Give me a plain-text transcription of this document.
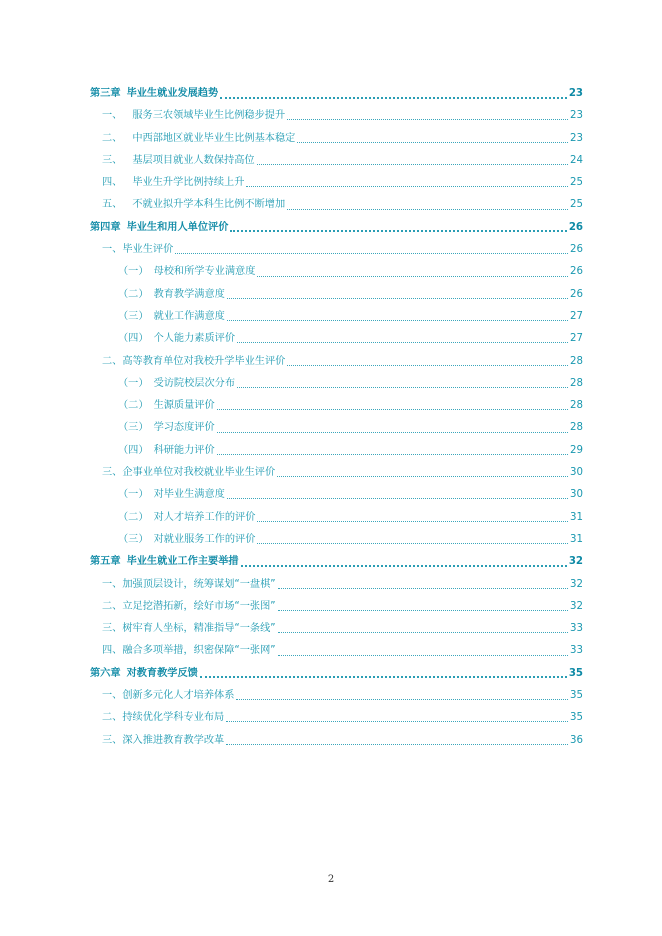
第三章 毕业生就业发展趋势	23
一、 服务三农领域毕业生比例稳步提升	23
二、 中西部地区就业毕业生比例基本稳定	23
三、 基层项目就业人数保持高位	24
四、 毕业生升学比例持续上升	25
五、 不就业拟升学本科生比例不断增加	25
第四章 毕业生和用人单位评价	26
一、 毕业生评价	26
（一） 母校和所学专业满意度	26
（二） 教育教学满意度	26
（三） 就业工作满意度	27
（四） 个人能力素质评价	27
二、 高等教育单位对我校升学毕业生评价	28
（一） 受访院校层次分布	28
（二） 生源质量评价	28
（三） 学习态度评价	28
（四） 科研能力评价	29
三、 企事业单位对我校就业毕业生评价	30
（一） 对毕业生满意度	30
（二） 对人才培养工作的评价	31
（三） 对就业服务工作的评价	31
第五章 毕业生就业工作主要举措	32
一、 加强顶层设计，统筹谋划“一盘棋”	32
二、 立足挖潜拓新，绘好市场“一张图”	32
三、 树牢育人坐标，精准指导“一条线”	33
四、 融合多项举措，织密保障“一张网”	33
第六章 对教育教学反馈	35
一、 创新多元化人才培养体系	35
二、 持续优化学科专业布局	35
三、 深入推进教育教学改革	36
2
